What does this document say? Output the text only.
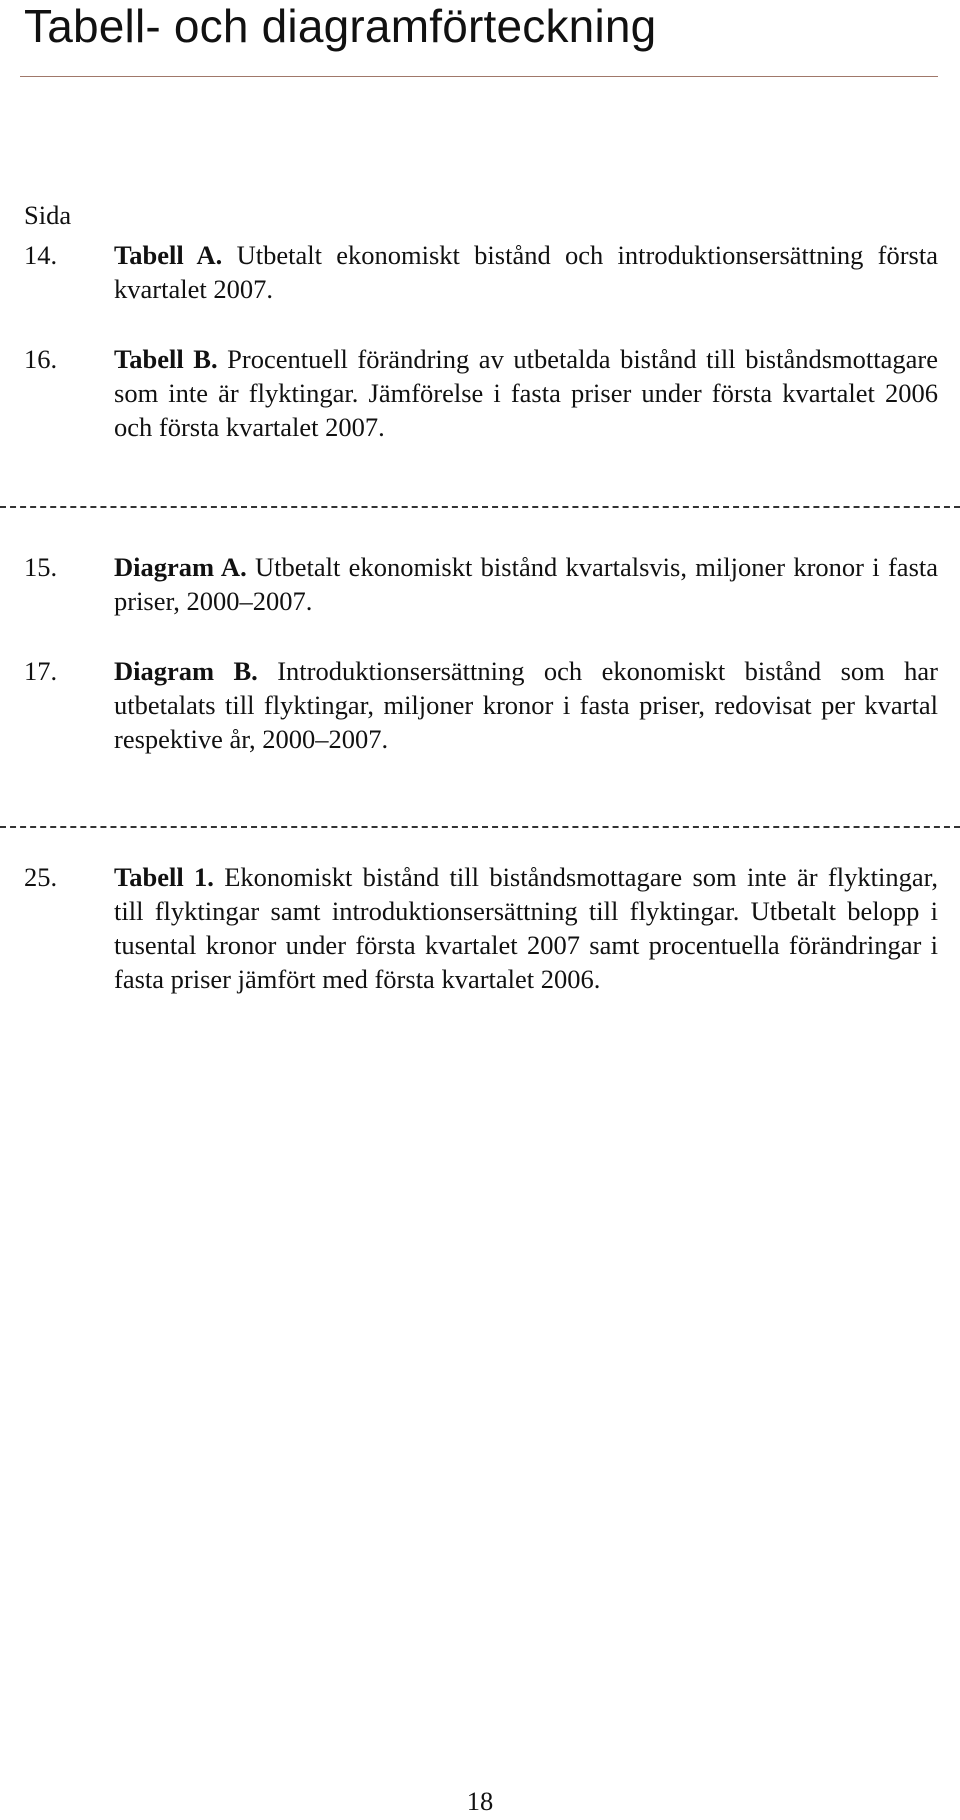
Tabell- och diagramförteckning
Sida
14. Tabell A. Utbetalt ekonomiskt bistånd och introduktionsersättning första kvartalet 2007.
16. Tabell B. Procentuell förändring av utbetalda bistånd till biståndsmottagare som inte är flyktingar. Jämförelse i fasta priser under första kvartalet 2006 och första kvartalet 2007.
15. Diagram A. Utbetalt ekonomiskt bistånd kvartalsvis, miljoner kronor i fasta priser, 2000–2007.
17. Diagram B. Introduktionsersättning och ekonomiskt bistånd som har utbetalats till flyktingar, miljoner kronor i fasta priser, redovisat per kvartal respektive år, 2000–2007.
25. Tabell 1. Ekonomiskt bistånd till biståndsmottagare som inte är flyktingar, till flyktingar samt introduktionsersättning till flyktingar. Utbetalt belopp i tusental kronor under första kvartalet 2007 samt procentuella förändringar i fasta priser jämfört med första kvartalet 2006.
18
